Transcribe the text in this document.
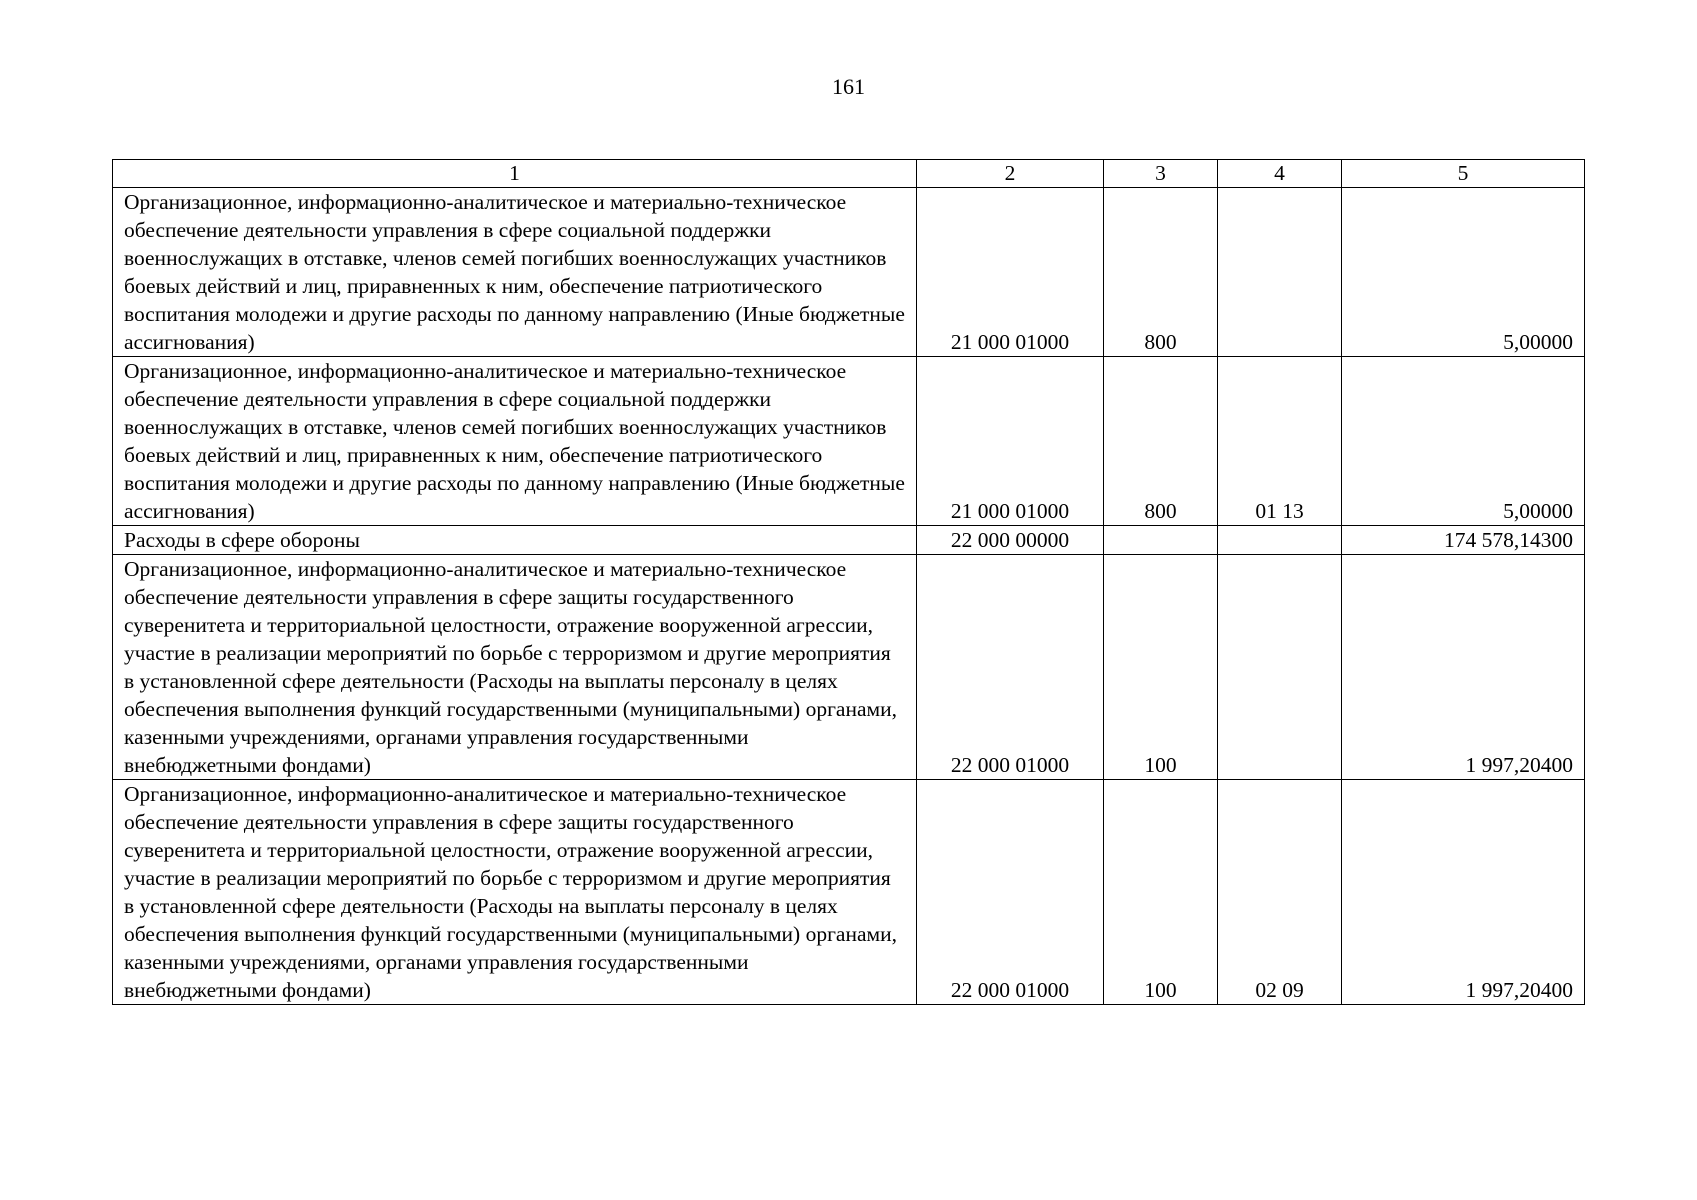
161
1	2	3	4	5
Организационное, информационно-аналитическое и материально-техническое обеспечение деятельности управления в сфере социальной поддержки военнослужащих в отставке, членов семей погибших военнослужащих участников боевых действий и лиц, приравненных к ним, обеспечение патриотического воспитания молодежи и другие расходы по данному направлению (Иные бюджетные ассигнования)	21 000 01000	800		5,00000
Организационное, информационно-аналитическое и материально-техническое обеспечение деятельности управления в сфере социальной поддержки военнослужащих в отставке, членов семей погибших военнослужащих участников боевых действий и лиц, приравненных к ним, обеспечение патриотического воспитания молодежи и другие расходы по данному направлению (Иные бюджетные ассигнования)	21 000 01000	800	01 13	5,00000
Расходы в сфере обороны	22 000 00000			174 578,14300
Организационное, информационно-аналитическое и материально-техническое обеспечение деятельности управления в сфере защиты государственного суверенитета и территориальной целостности, отражение вооруженной агрессии, участие в реализации мероприятий по борьбе с терроризмом и другие мероприятия в установленной сфере деятельности (Расходы на выплаты персоналу в целях обеспечения выполнения функций государственными (муниципальными) органами, казенными учреждениями, органами управления государственными внебюджетными фондами)	22 000 01000	100		1 997,20400
Организационное, информационно-аналитическое и материально-техническое обеспечение деятельности управления в сфере защиты государственного суверенитета и территориальной целостности, отражение вооруженной агрессии, участие в реализации мероприятий по борьбе с терроризмом и другие мероприятия в установленной сфере деятельности (Расходы на выплаты персоналу в целях обеспечения выполнения функций государственными (муниципальными) органами, казенными учреждениями, органами управления государственными внебюджетными фондами)	22 000 01000	100	02 09	1 997,20400
